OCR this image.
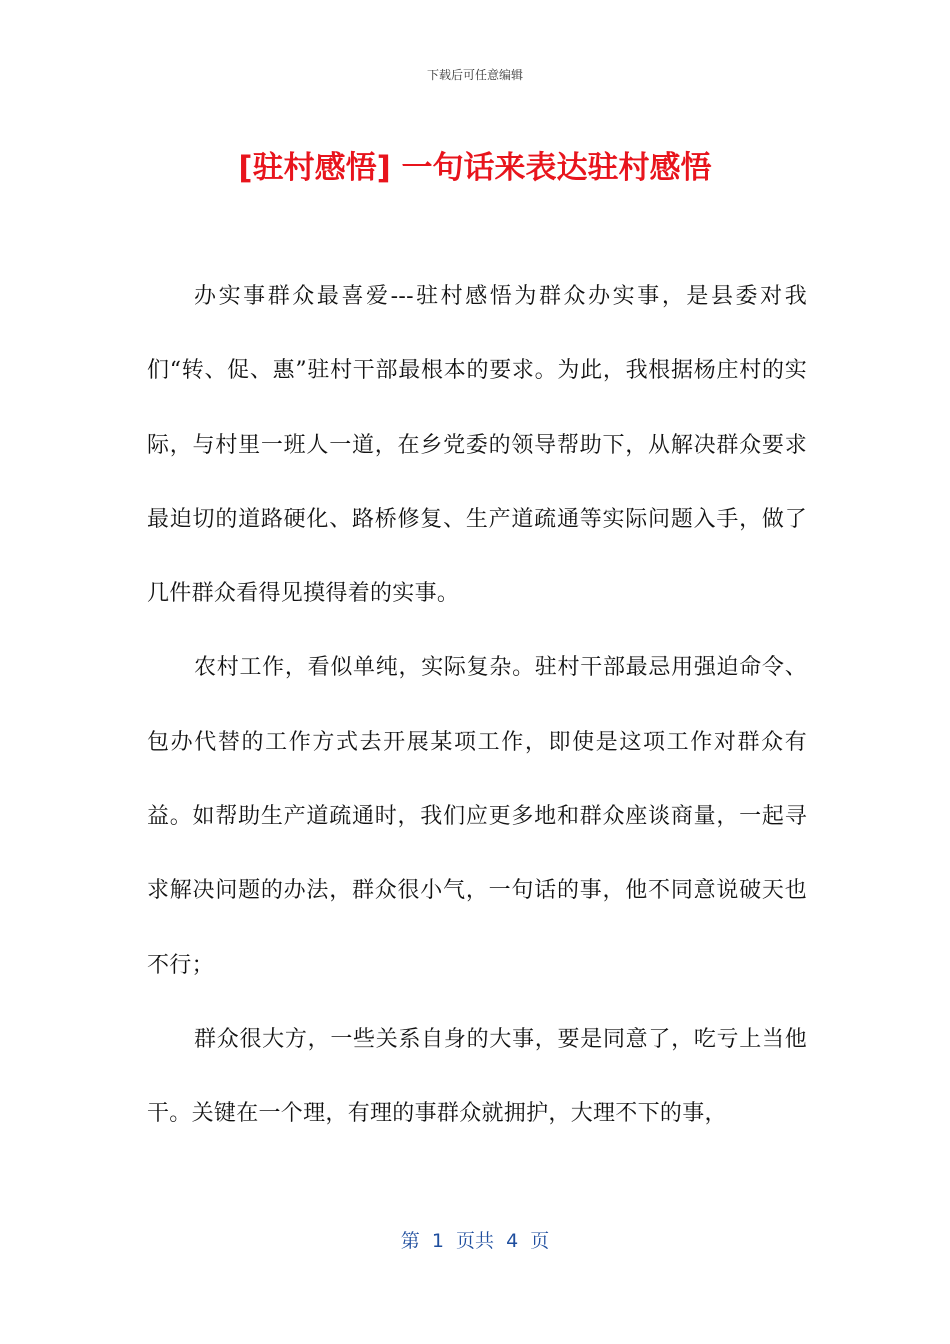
下载后可任意编辑
[驻村感悟] 一句话来表达驻村感悟

办实事群众最喜爱---驻村感悟为群众办实事，是县委对我们“转、促、惠”驻村干部最根本的要求。为此，我根据杨庄村的实际，与村里一班人一道，在乡党委的领导帮助下，从解决群众要求最迫切的道路硬化、路桥修复、生产道疏通等实际问题入手，做了几件群众看得见摸得着的实事。

农村工作，看似单纯，实际复杂。驻村干部最忌用强迫命令、包办代替的工作方式去开展某项工作，即使是这项工作对群众有益。如帮助生产道疏通时，我们应更多地和群众座谈商量，一起寻求解决问题的办法，群众很小气，一句话的事，他不同意说破天也不行；

群众很大方，一些关系自身的大事，要是同意了，吃亏上当他干。关键在一个理，有理的事群众就拥护，大理不下的事，

第  1  页共  4  页
